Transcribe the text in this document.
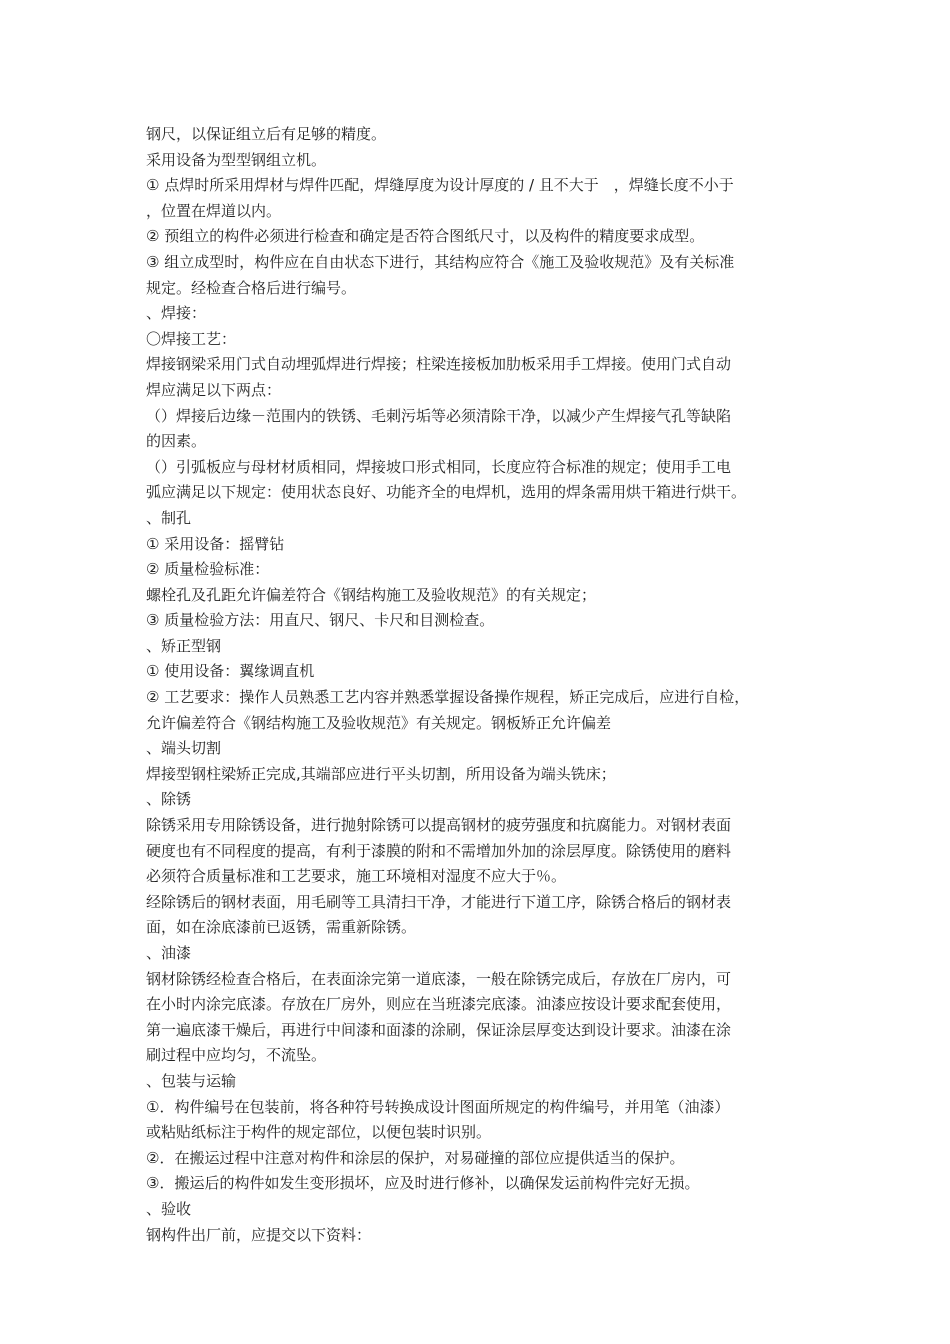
钢尺，以保证组立后有足够的精度。
采用设备为型型钢组立机。
① 点焊时所采用焊材与焊件匹配，焊缝厚度为设计厚度的 / 且不大于　，焊缝长度不小于
，位置在焊道以内。
② 预组立的构件必须进行检查和确定是否符合图纸尺寸，以及构件的精度要求成型。
③ 组立成型时，构件应在自由状态下进行，其结构应符合《施工及验收规范》及有关标准
规定。经检查合格后进行编号。
、焊接：
〇焊接工艺：
焊接钢梁采用门式自动埋弧焊进行焊接；柱梁连接板加肋板采用手工焊接。使用门式自动
焊应满足以下两点：
（）焊接后边缘－范围内的铁锈、毛刺污垢等必须清除干净，以减少产生焊接气孔等缺陷
的因素。
（）引弧板应与母材材质相同，焊接坡口形式相同，长度应符合标准的规定；使用手工电
弧应满足以下规定：使用状态良好、功能齐全的电焊机，选用的焊条需用烘干箱进行烘干。
、制孔
① 采用设备：摇臂钻
② 质量检验标准：
螺栓孔及孔距允许偏差符合《钢结构施工及验收规范》的有关规定；
③ 质量检验方法：用直尺、钢尺、卡尺和目测检查。
、矫正型钢
① 使用设备：翼缘调直机
② 工艺要求：操作人员熟悉工艺内容并熟悉掌握设备操作规程，矫正完成后，应进行自检，
允许偏差符合《钢结构施工及验收规范》有关规定。钢板矫正允许偏差
、端头切割
焊接型钢柱梁矫正完成,其端部应进行平头切割，所用设备为端头铣床；
、除锈
除锈采用专用除锈设备，进行抛射除锈可以提高钢材的疲劳强度和抗腐能力。对钢材表面
硬度也有不同程度的提高，有利于漆膜的附和不需增加外加的涂层厚度。除锈使用的磨料
必须符合质量标准和工艺要求，施工环境相对湿度不应大于％。
经除锈后的钢材表面，用毛刷等工具清扫干净，才能进行下道工序，除锈合格后的钢材表
面，如在涂底漆前已返锈，需重新除锈。
、油漆
钢材除锈经检查合格后，在表面涂完第一道底漆，一般在除锈完成后，存放在厂房内，可
在小时内涂完底漆。存放在厂房外，则应在当班漆完底漆。油漆应按设计要求配套使用，
第一遍底漆干燥后，再进行中间漆和面漆的涂刷，保证涂层厚变达到设计要求。油漆在涂
刷过程中应均匀，不流坠。
、包装与运输
①．构件编号在包装前，将各种符号转换成设计图面所规定的构件编号，并用笔（油漆）
或粘贴纸标注于构件的规定部位，以便包装时识别。
②．在搬运过程中注意对构件和涂层的保护，对易碰撞的部位应提供适当的保护。
③．搬运后的构件如发生变形损坏，应及时进行修补，以确保发运前构件完好无损。
、验收
钢构件出厂前，应提交以下资料：
